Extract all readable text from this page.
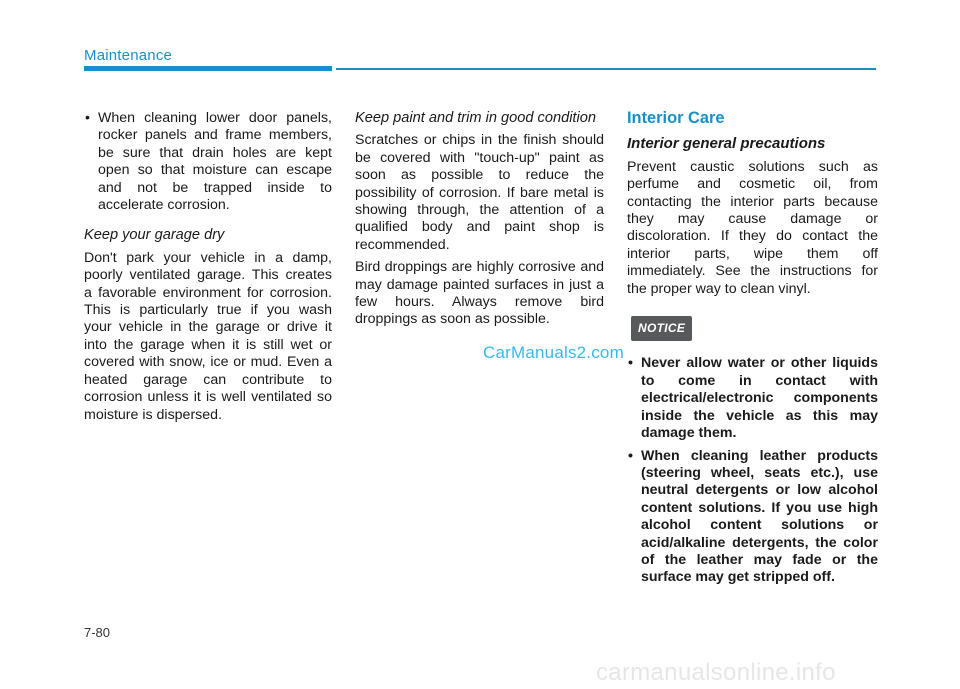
Maintenance
• When cleaning lower door panels, rocker panels and frame members, be sure that drain holes are kept open so that moisture can escape and not be trapped inside to accelerate corrosion.
Keep your garage dry

Don't park your vehicle in a damp, poorly ventilated garage. This creates a favorable environment for corrosion. This is particularly true if you wash your vehicle in the garage or drive it into the garage when it is still wet or covered with snow, ice or mud. Even a heated garage can contribute to corrosion unless it is well ventilated so moisture is dispersed.

Keep paint and trim in good condition

Scratches or chips in the finish should be covered with "touch-up" paint as soon as possible to reduce the possibility of corrosion. If bare metal is showing through, the attention of a qualified body and paint shop is recommended.

Bird droppings are highly corrosive and may damage painted surfaces in just a few hours. Always remove bird droppings as soon as possible.

Interior Care
Interior general precautions

Prevent caustic solutions such as perfume and cosmetic oil, from contacting the interior parts because they may cause damage or discoloration. If they do contact the interior parts, wipe them off immediately. See the instructions for the proper way to clean vinyl.

NOTICE
• Never allow water or other liquids to come in contact with electrical/electronic components inside the vehicle as this may damage them.
• When cleaning leather products (steering wheel, seats etc.), use neutral detergents or low alcohol content solutions. If you use high alcohol content solutions or acid/alkaline detergents, the color of the leather may fade or the surface may get stripped off.
CarManuals2.com
7-80
carmanualsonline.info
